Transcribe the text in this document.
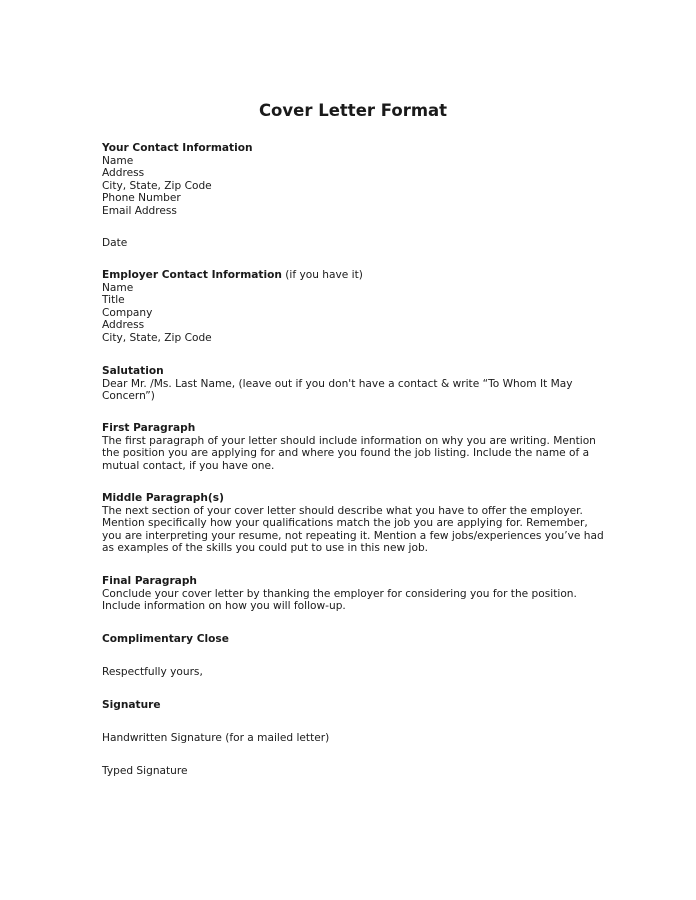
Cover Letter Format
Your Contact Information
Name
Address
City, State, Zip Code
Phone Number
Email Address
Date
Employer Contact Information (if you have it)
Name
Title
Company
Address
City, State, Zip Code
Salutation
Dear Mr. /Ms. Last Name, (leave out if you don't have a contact & write “To Whom It May
Concern”)
First Paragraph
The first paragraph of your letter should include information on why you are writing. Mention
the position you are applying for and where you found the job listing. Include the name of a
mutual contact, if you have one.
Middle Paragraph(s)
The next section of your cover letter should describe what you have to offer the employer.
Mention specifically how your qualifications match the job you are applying for. Remember,
you are interpreting your resume, not repeating it. Mention a few jobs/experiences you’ve had
as examples of the skills you could put to use in this new job.
Final Paragraph
Conclude your cover letter by thanking the employer for considering you for the position.
Include information on how you will follow-up.
Complimentary Close
Respectfully yours,
Signature
Handwritten Signature (for a mailed letter)
Typed Signature
